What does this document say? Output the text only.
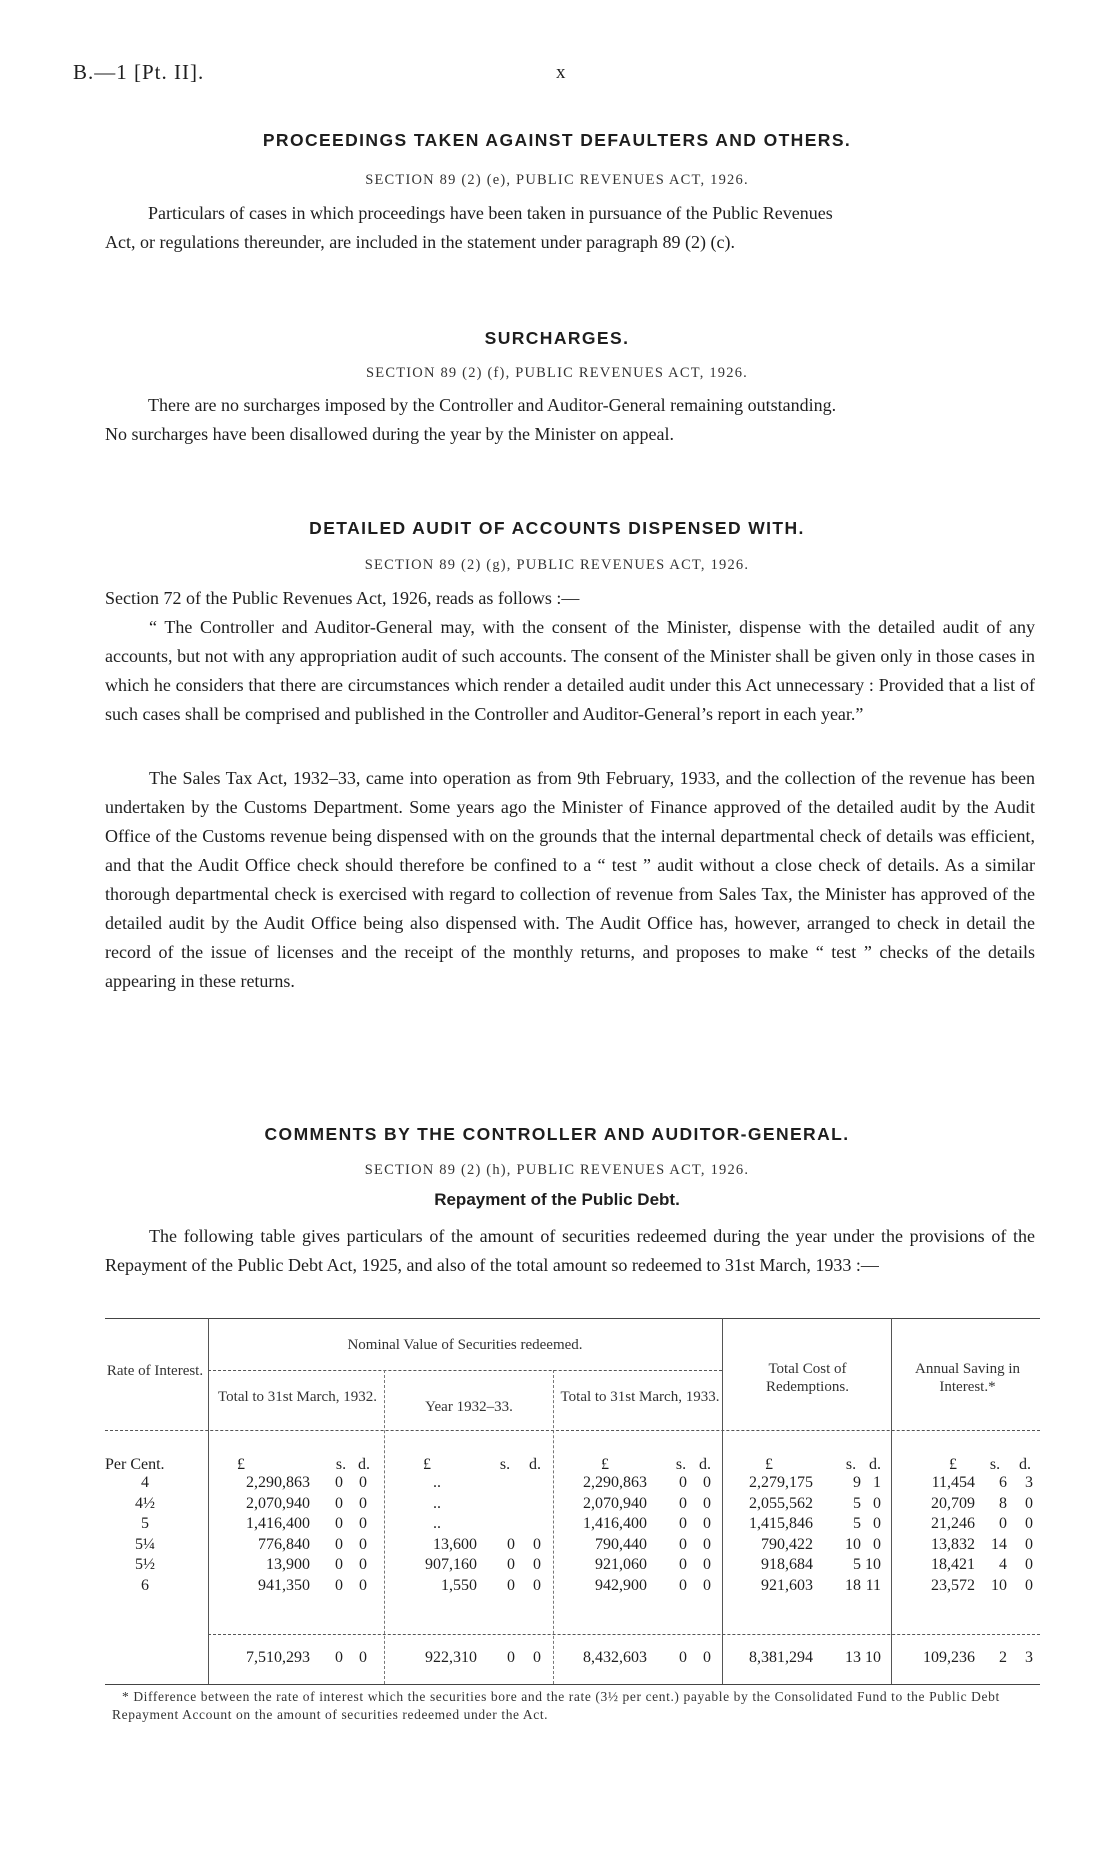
B.—1 [Pt. II].	x
PROCEEDINGS TAKEN AGAINST DEFAULTERS AND OTHERS.
SECTION 89 (2) (e), PUBLIC REVENUES ACT, 1926.
Particulars of cases in which proceedings have been taken in pursuance of the Public Revenues
Act, or regulations thereunder, are included in the statement under paragraph 89 (2) (c).
SURCHARGES.
SECTION 89 (2) (f), PUBLIC REVENUES ACT, 1926.
There are no surcharges imposed by the Controller and Auditor-General remaining outstanding.
No surcharges have been disallowed during the year by the Minister on appeal.
DETAILED AUDIT OF ACCOUNTS DISPENSED WITH.
SECTION 89 (2) (g), PUBLIC REVENUES ACT, 1926.
Section 72 of the Public Revenues Act, 1926, reads as follows :—

“ The Controller and Auditor-General may, with the consent of the Minister, dispense with the detailed audit of any accounts, but not with any appropriation audit of such accounts. The consent of the Minister shall be given only in those cases in which he considers that there are circumstances which render a detailed audit under this Act unnecessary : Provided that a list of such cases shall be comprised and published in the Controller and Auditor-General’s report in each year.”

The Sales Tax Act, 1932–33, came into operation as from 9th February, 1933, and the collection of the revenue has been undertaken by the Customs Department. Some years ago the Minister of Finance approved of the detailed audit by the Audit Office of the Customs revenue being dispensed with on the grounds that the internal departmental check of details was efficient, and that the Audit Office check should therefore be confined to a “ test ” audit without a close check of details. As a similar thorough departmental check is exercised with regard to collection of revenue from Sales Tax, the Minister has approved of the detailed audit by the Audit Office being also dispensed with. The Audit Office has, however, arranged to check in detail the record of the issue of licenses and the receipt of the monthly returns, and proposes to make “ test ” checks of the details appearing in these returns.

COMMENTS BY THE CONTROLLER AND AUDITOR-GENERAL.
SECTION 89 (2) (h), PUBLIC REVENUES ACT, 1926.
Repayment of the Public Debt.

The following table gives particulars of the amount of securities redeemed during the year under the provisions of the Repayment of the Public Debt Act, 1925, and also of the total amount so redeemed to 31st March, 1933 :—

Rate of Interest.
Nominal Value of Securities redeemed.
Total to 31st March, 1932.
Year 1932–33.
Total to 31st March, 1933.
Total Cost of Redemptions.
Annual Saving in Interest.*
Per Cent.	£	s. d.	£	s.	d.	£	s. d.	£	s. d.	£	s.	d.
4	2,290,863	0	0	..	2,290,863	0	0	2,279,175	9 1	11,454	6	3
4½	2,070,940	0	0	..	2,070,940	0	0	2,055,562	5 0	20,709	8	0
5	1,416,400	0	0	..	1,416,400	0	0	1,415,846	5 0	21,246	0	0
5¼	776,840	0	0	13,600	0	0	790,440	0	0	790,422	10 0	13,832	14	0
5½	13,900	0	0	907,160	0	0	921,060	0	0	918,684	5 10	18,421	4	0
6	941,350	0	0	1,550	0	0	942,900	0	0	921,603	18 11	23,572	10	0
7,510,293	0	0	922,310	0	0	8,432,603	0	0	8,381,294	13 10	109,236	2	3

* Difference between the rate of interest which the securities bore and the rate (3½ per cent.) payable by the Consolidated Fund to the Public Debt Repayment Account on the amount of securities redeemed under the Act.
